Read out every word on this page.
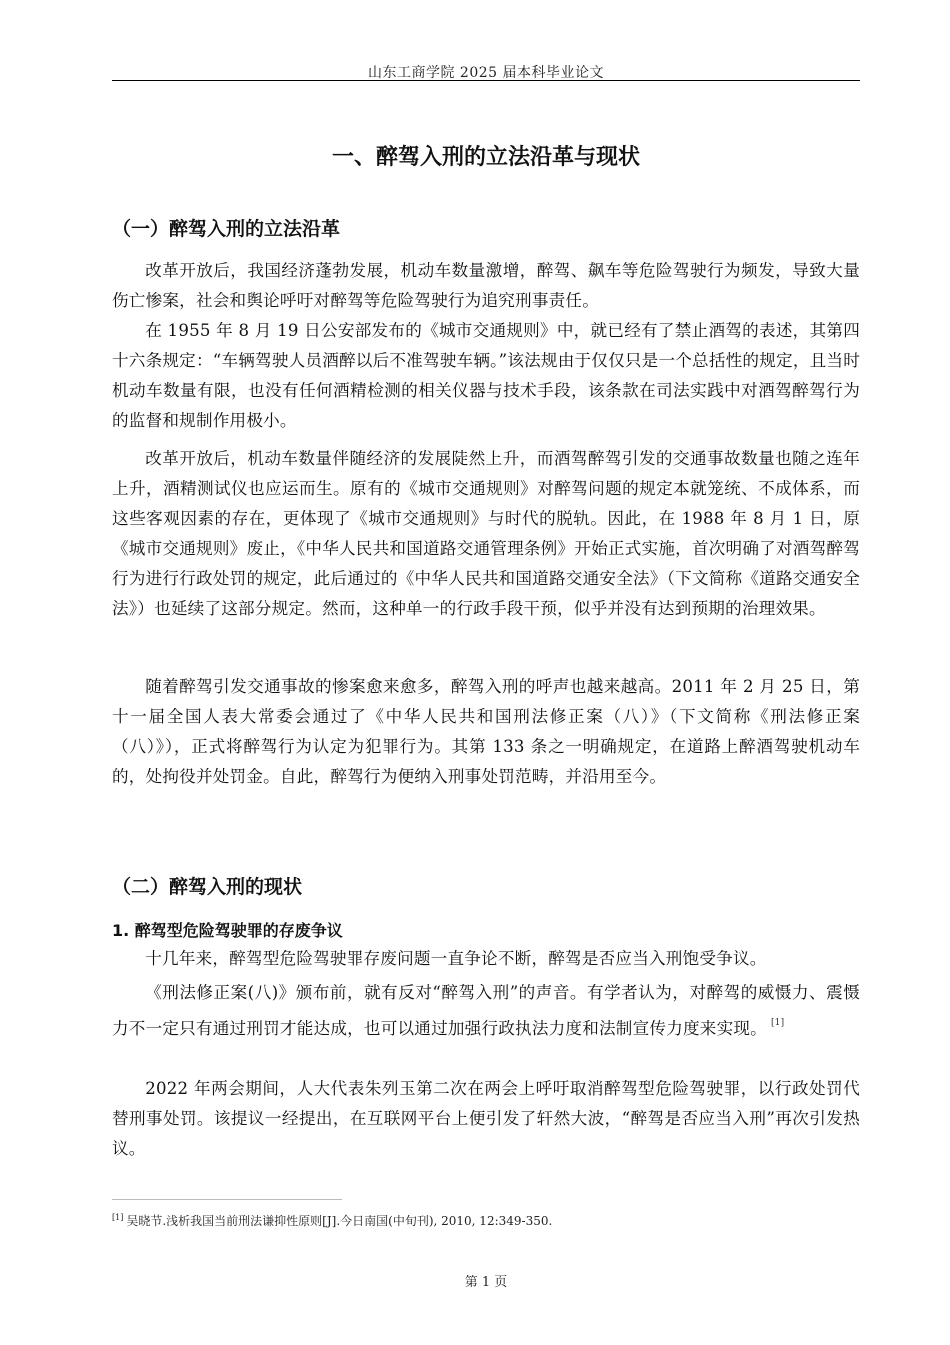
山东工商学院 2025 届本科毕业论文
一、醉驾入刑的立法沿革与现状
（一）醉驾入刑的立法沿革

改革开放后，我国经济蓬勃发展，机动车数量激增，醉驾、飙车等危险驾驶行为频发，导致大量伤亡惨案，社会和舆论呼吁对醉驾等危险驾驶行为追究刑事责任。

在 1955 年 8 月 19 日公安部发布的《城市交通规则》中，就已经有了禁止酒驾的表述，其第四十六条规定：“车辆驾驶人员酒醉以后不准驾驶车辆。”该法规由于仅仅只是一个总括性的规定，且当时机动车数量有限，也没有任何酒精检测的相关仪器与技术手段，该条款在司法实践中对酒驾醉驾行为的监督和规制作用极小。

改革开放后，机动车数量伴随经济的发展陡然上升，而酒驾醉驾引发的交通事故数量也随之连年上升，酒精测试仪也应运而生。原有的《城市交通规则》对醉驾问题的规定本就笼统、不成体系，而这些客观因素的存在，更体现了《城市交通规则》与时代的脱轨。因此，在 1988 年 8 月 1 日，原《城市交通规则》废止，《中华人民共和国道路交通管理条例》开始正式实施，首次明确了对酒驾醉驾行为进行行政处罚的规定，此后通过的《中华人民共和国道路交通安全法》（下文简称《道路交通安全法》）也延续了这部分规定。然而，这种单一的行政手段干预，似乎并没有达到预期的治理效果。

随着醉驾引发交通事故的惨案愈来愈多，醉驾入刑的呼声也越来越高。2011 年 2 月 25 日，第十一届全国人表大常委会通过了《中华人民共和国刑法修正案（八）》（下文简称《刑法修正案（八）》），正式将醉驾行为认定为犯罪行为。其第 133 条之一明确规定，在道路上醉酒驾驶机动车的，处拘役并处罚金。自此，醉驾行为便纳入刑事处罚范畴，并沿用至今。

（二）醉驾入刑的现状
1. 醉驾型危险驾驶罪的存废争议

十几年来，醉驾型危险驾驶罪存废问题一直争论不断，醉驾是否应当入刑饱受争议。

《刑法修正案(八)》颁布前，就有反对“醉驾入刑”的声音。有学者认为，对醉驾的威慑力、震慑力不一定只有通过刑罚才能达成，也可以通过加强行政执法力度和法制宣传力度来实现。 [1]

2022 年两会期间，人大代表朱列玉第二次在两会上呼吁取消醉驾型危险驾驶罪，以行政处罚代替刑事处罚。该提议一经提出，在互联网平台上便引发了轩然大波，“醉驾是否应当入刑”再次引发热议。

[1] 吴晓节.浅析我国当前刑法谦抑性原则[J].今日南国(中旬刊), 2010, 12:349-350.
第 1 页
